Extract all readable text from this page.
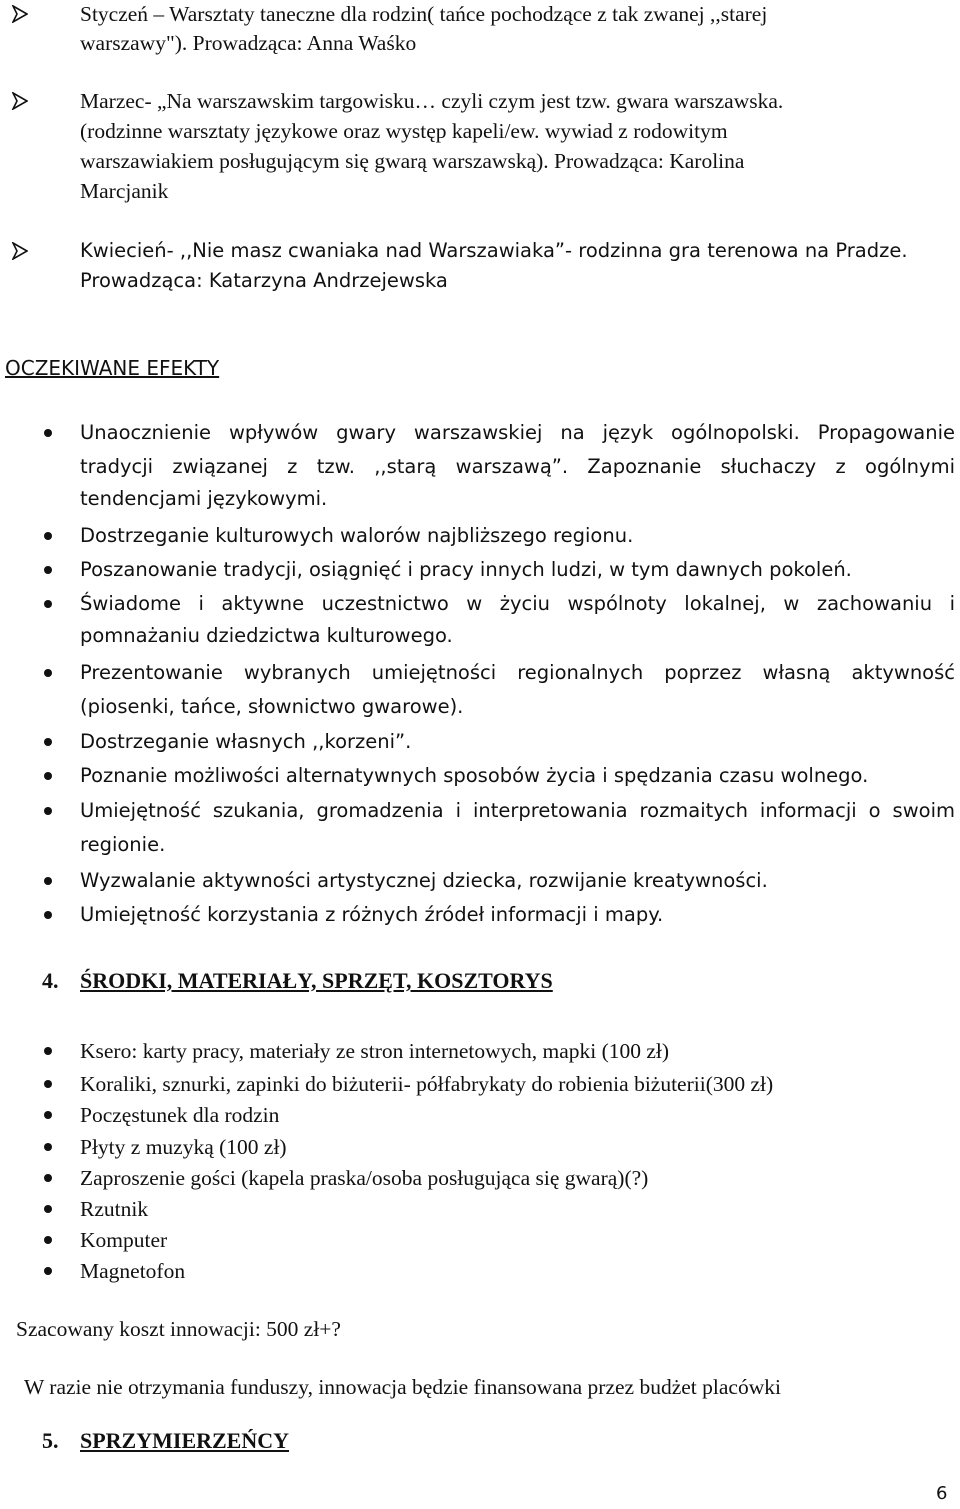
Styczeń – Warsztaty taneczne dla rodzin( tańce pochodzące z tak zwanej ,,starej
warszawy"). Prowadząca: Anna Waśko
Marzec- „Na warszawskim targowisku… czyli czym jest tzw. gwara warszawska.
(rodzinne warsztaty językowe oraz występ kapeli/ew. wywiad z rodowitym
warszawiakiem posługującym się gwarą warszawską). Prowadząca: Karolina
Marcjanik
Kwiecień- ,,Nie masz cwaniaka nad Warszawiaka”- rodzinna gra terenowa na Pradze.
Prowadząca: Katarzyna Andrzejewska
OCZEKIWANE EFEKTY
Unaocznienie wpływów gwary warszawskiej na język ogólnopolski. Propagowanie
tradycji związanej z tzw. ,,starą warszawą”. Zapoznanie słuchaczy z ogólnymi
tendencjami językowymi.
Dostrzeganie kulturowych walorów najbliższego regionu.
Poszanowanie tradycji, osiągnięć i pracy innych ludzi, w tym dawnych pokoleń.
Świadome i aktywne uczestnictwo w życiu wspólnoty lokalnej, w zachowaniu i
pomnażaniu dziedzictwa kulturowego.
Prezentowanie wybranych umiejętności regionalnych poprzez własną aktywność
(piosenki, tańce, słownictwo gwarowe).
Dostrzeganie własnych ,,korzeni”.
Poznanie możliwości alternatywnych sposobów życia i spędzania czasu wolnego.
Umiejętność szukania, gromadzenia i interpretowania rozmaitych informacji o swoim
regionie.
Wyzwalanie aktywności artystycznej dziecka, rozwijanie kreatywności.
Umiejętność korzystania z różnych źródeł informacji i mapy.
4. ŚRODKI, MATERIAŁY, SPRZĘT, KOSZTORYS
Ksero: karty pracy, materiały ze stron internetowych, mapki (100 zł)
Koraliki, sznurki, zapinki do biżuterii- półfabrykaty do robienia biżuterii(300 zł)
Poczęstunek dla rodzin
Płyty z muzyką (100 zł)
Zaproszenie gości (kapela praska/osoba posługująca się gwarą)(?)
Rzutnik
Komputer
Magnetofon
Szacowany koszt innowacji: 500 zł+?
W razie nie otrzymania funduszy, innowacja będzie finansowana przez budżet placówki
5. SPRZYMIERZEŃCY
6
